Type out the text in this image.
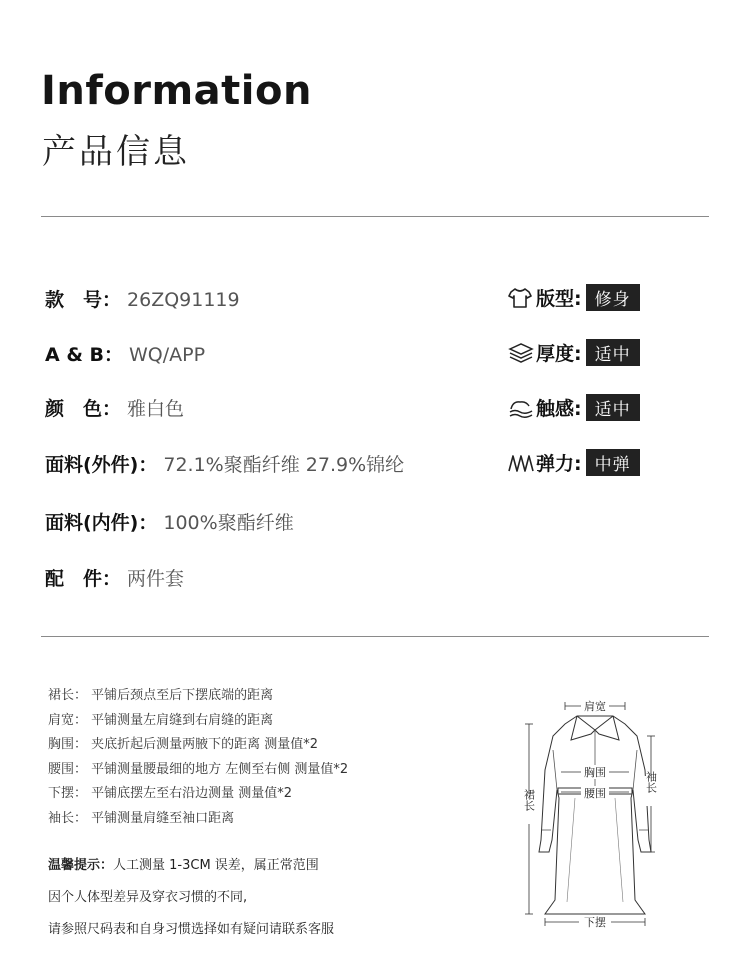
Information
产品信息
款　号： 26ZQ91119
A & B： WQ/APP
颜　色： 雅白色
面料(外件)： 72.1%聚酯纤维 27.9%锦纶
面料(内件)： 100%聚酯纤维
配　件： 两件套
版型: 修身
厚度: 适中
触感: 适中
弹力: 中弹
裙长： 平铺后颈点至后下摆底端的距离
肩宽： 平铺测量左肩缝到右肩缝的距离
胸围： 夹底折起后测量两腋下的距离 测量值*2
腰围： 平铺测量腰最细的地方 左侧至右侧 测量值*2
下摆： 平铺底摆左至右沿边测量 测量值*2
袖长： 平铺测量肩缝至袖口距离
温馨提示：人工测量 1-3CM 误差，属正常范围
因个人体型差异及穿衣习惯的不同,
请参照尺码表和自身习惯选择如有疑问请联系客服
肩宽
胸围
腰围
下摆
裙长
袖长
